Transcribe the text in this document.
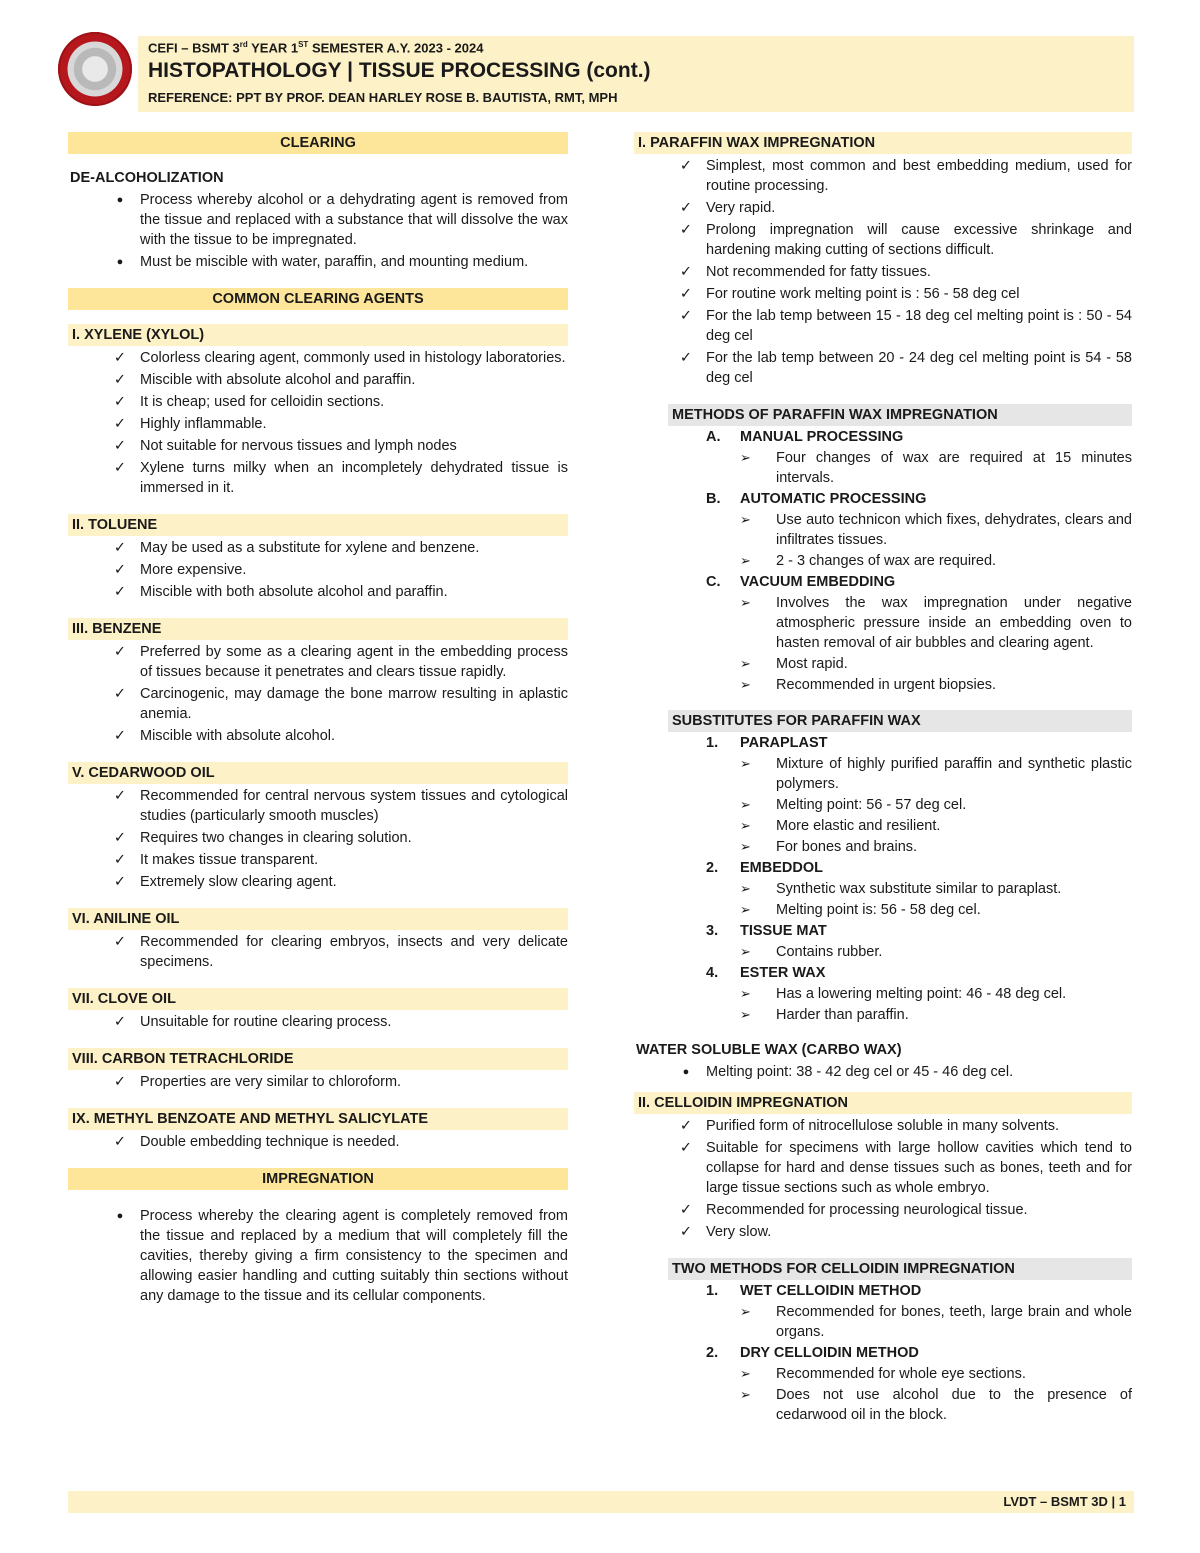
CEFI – BSMT 3rd YEAR 1ST SEMESTER A.Y. 2023 - 2024
HISTOPATHOLOGY | TISSUE PROCESSING (cont.)
REFERENCE: PPT BY PROF. DEAN HARLEY ROSE B. BAUTISTA, RMT, MPH
CLEARING
DE-ALCOHOLIZATION
●	Process whereby alcohol or a dehydrating agent is removed from the tissue and replaced with a substance that will dissolve the wax with the tissue to be impregnated.
●	Must be miscible with water, paraffin, and mounting medium.
COMMON CLEARING AGENTS
I. XYLENE (XYLOL)
✓ Colorless clearing agent, commonly used in histology laboratories.
✓ Miscible with absolute alcohol and paraffin.
✓ It is cheap; used for celloidin sections.
✓ Highly inflammable.
✓ Not suitable for nervous tissues and lymph nodes
✓ Xylene turns milky when an incompletely dehydrated tissue is immersed in it.
II. TOLUENE
✓ May be used as a substitute for xylene and benzene.
✓ More expensive.
✓ Miscible with both absolute alcohol and paraffin.
III. BENZENE
✓ Preferred by some as a clearing agent in the embedding process of tissues because it penetrates and clears tissue rapidly.
✓ Carcinogenic, may damage the bone marrow resulting in aplastic anemia.
✓ Miscible with absolute alcohol.
V. CEDARWOOD OIL
✓ Recommended for central nervous system tissues and cytological studies (particularly smooth muscles)
✓ Requires two changes in clearing solution.
✓ It makes tissue transparent.
✓ Extremely slow clearing agent.
VI. ANILINE OIL
✓ Recommended for clearing embryos, insects and very delicate specimens.
VII. CLOVE OIL
✓ Unsuitable for routine clearing process.
VIII. CARBON TETRACHLORIDE
✓ Properties are very similar to chloroform.
IX. METHYL BENZOATE AND METHYL SALICYLATE
✓ Double embedding technique is needed.
IMPREGNATION
●	Process whereby the clearing agent is completely removed from the tissue and replaced by a medium that will completely fill the cavities, thereby giving a firm consistency to the specimen and allowing easier handling and cutting suitably thin sections without any damage to the tissue and its cellular components.
I. PARAFFIN WAX IMPREGNATION
✓ Simplest, most common and best embedding medium, used for routine processing.
✓ Very rapid.
✓ Prolong impregnation will cause excessive shrinkage and hardening making cutting of sections difficult.
✓ Not recommended for fatty tissues.
✓ For routine work melting point is : 56 - 58 deg cel
✓ For the lab temp between 15 - 18 deg cel melting point is : 50 - 54 deg cel
✓ For the lab temp between 20 - 24 deg cel melting point is 54 - 58 deg cel
METHODS OF PARAFFIN WAX IMPREGNATION
A. MANUAL PROCESSING
➢ Four changes of wax are required at 15 minutes intervals.
B. AUTOMATIC PROCESSING
➢ Use auto technicon which fixes, dehydrates, clears and infiltrates tissues.
➢ 2 - 3 changes of wax are required.
C. VACUUM EMBEDDING
➢ Involves the wax impregnation under negative atmospheric pressure inside an embedding oven to hasten removal of air bubbles and clearing agent.
➢ Most rapid.
➢ Recommended in urgent biopsies.
SUBSTITUTES FOR PARAFFIN WAX
1. PARAPLAST
➢ Mixture of highly purified paraffin and synthetic plastic polymers.
➢ Melting point: 56 - 57 deg cel.
➢ More elastic and resilient.
➢ For bones and brains.
2. EMBEDDOL
➢ Synthetic wax substitute similar to paraplast.
➢ Melting point is: 56 - 58 deg cel.
3. TISSUE MAT
➢ Contains rubber.
4. ESTER WAX
➢ Has a lowering melting point: 46 - 48 deg cel.
➢ Harder than paraffin.
WATER SOLUBLE WAX (CARBO WAX)
●	Melting point: 38 - 42 deg cel or 45 - 46 deg cel.
II. CELLOIDIN IMPREGNATION
✓ Purified form of nitrocellulose soluble in many solvents.
✓ Suitable for specimens with large hollow cavities which tend to collapse for hard and dense tissues such as bones, teeth and for large tissue sections such as whole embryo.
✓ Recommended for processing neurological tissue.
✓ Very slow.
TWO METHODS FOR CELLOIDIN IMPREGNATION
1. WET CELLOIDIN METHOD
➢ Recommended for bones, teeth, large brain and whole organs.
2. DRY CELLOIDIN METHOD
➢ Recommended for whole eye sections.
➢ Does not use alcohol due to the presence of cedarwood oil in the block.
LVDT – BSMT 3D | 1
